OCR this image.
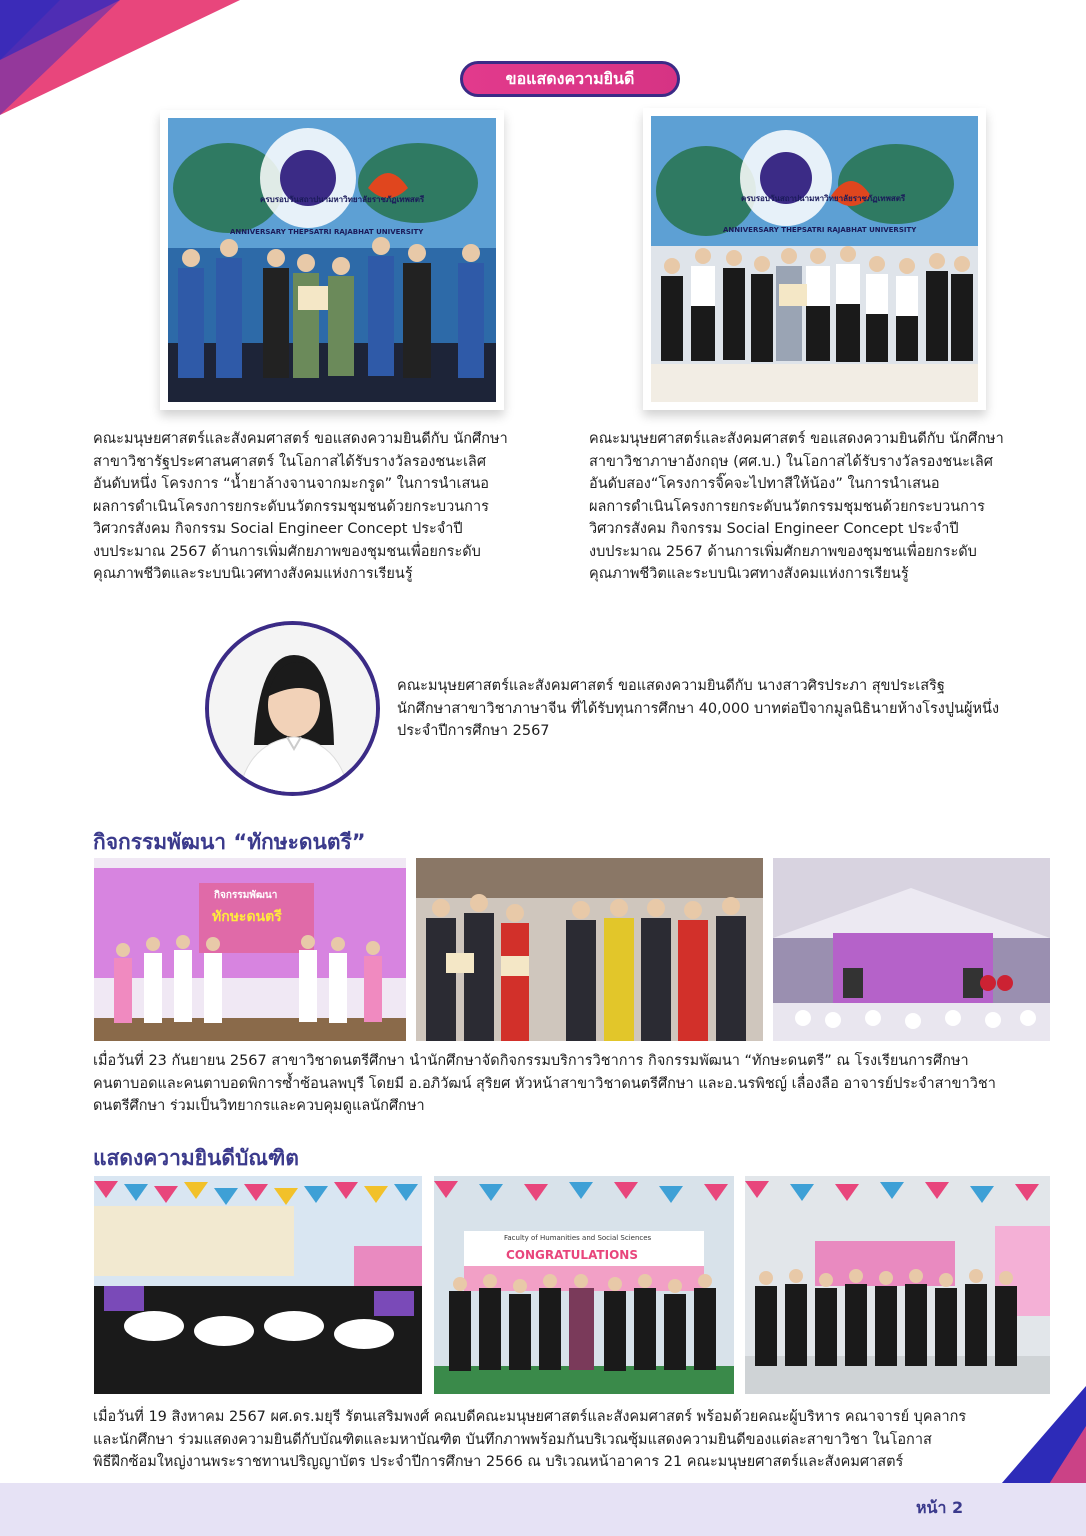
ขอแสดงความยินดี
ครบรอบวันสถาปนามหาวิทยาลัยราชภัฏเทพสตรี
ANNIVERSARY THEPSATRI RAJABHAT UNIVERSITY
ครบรอบวันสถาปนามหาวิทยาลัยราชภัฏเทพสตรี
ANNIVERSARY THEPSATRI RAJABHAT UNIVERSITY
คณะมนุษยศาสตร์และสังคมศาสตร์ ขอแสดงความยินดีกับ นักศึกษา
สาขาวิชารัฐประศาสนศาสตร์ ในโอกาสได้รับรางวัลรองชนะเลิศ
อันดับหนึ่ง โครงการ “น้ำยาล้างจานจากมะกรูด” ในการนำเสนอ
ผลการดำเนินโครงการยกระดับนวัตกรรมชุมชนด้วยกระบวนการ
วิศวกรสังคม กิจกรรม Social Engineer Concept ประจำปี
งบประมาณ 2567 ด้านการเพิ่มศักยภาพของชุมชนเพื่อยกระดับ
คุณภาพชีวิตและระบบนิเวศทางสังคมแห่งการเรียนรู้
คณะมนุษยศาสตร์และสังคมศาสตร์ ขอแสดงความยินดีกับ นักศึกษา
สาขาวิชาภาษาอังกฤษ (ศศ.บ.) ในโอกาสได้รับรางวัลรองชนะเลิศ
อันดับสอง“โครงการจิ๊คจะไปทาสีให้น้อง” ในการนำเสนอ
ผลการดำเนินโครงการยกระดับนวัตกรรมชุมชนด้วยกระบวนการ
วิศวกรสังคม กิจกรรม Social Engineer Concept ประจำปี
งบประมาณ 2567 ด้านการเพิ่มศักยภาพของชุมชนเพื่อยกระดับ
คุณภาพชีวิตและระบบนิเวศทางสังคมแห่งการเรียนรู้
คณะมนุษยศาสตร์และสังคมศาสตร์ ขอแสดงความยินดีกับ นางสาวศิรประภา สุขประเสริฐ
นักศึกษาสาขาวิชาภาษาจีน ที่ได้รับทุนการศึกษา 40,000 บาทต่อปีจากมูลนิธินายห้างโรงปูนผู้หนึ่ง
ประจำปีการศึกษา 2567
กิจกรรมพัฒนา “ทักษะดนตรี”
กิจกรรมพัฒนา
ทักษะดนตรี
เมื่อวันที่ 23 กันยายน 2567 สาขาวิชาดนตรีศึกษา นำนักศึกษาจัดกิจกรรมบริการวิชาการ กิจกรรมพัฒนา “ทักษะดนตรี” ณ โรงเรียนการศึกษา
คนตาบอดและคนตาบอดพิการซ้ำซ้อนลพบุรี โดยมี อ.อภิวัฒน์ สุริยศ หัวหน้าสาขาวิชาดนตรีศึกษา และอ.นรพิชญ์ เลื่องลือ อาจารย์ประจำสาขาวิชา
ดนตรีศึกษา ร่วมเป็นวิทยากรและควบคุมดูแลนักศึกษา
แสดงความยินดีบัณฑิต
Faculty of Humanities and Social Sciences
CONGRATULATIONS
เมื่อวันที่ 19 สิงหาคม 2567 ผศ.ดร.มยุรี รัตนเสริมพงศ์ คณบดีคณะมนุษยศาสตร์และสังคมศาสตร์ พร้อมด้วยคณะผู้บริหาร คณาจารย์ บุคลากร
และนักศึกษา ร่วมแสดงความยินดีกับบัณฑิตและมหาบัณฑิต บันทึกภาพพร้อมกันบริเวณซุ้มแสดงความยินดีของแต่ละสาขาวิชา ในโอกาส
พิธีฝึกซ้อมใหญ่งานพระราชทานปริญญาบัตร ประจำปีการศึกษา 2566 ณ บริเวณหน้าอาคาร 21 คณะมนุษยศาสตร์และสังคมศาสตร์
หน้า 2
